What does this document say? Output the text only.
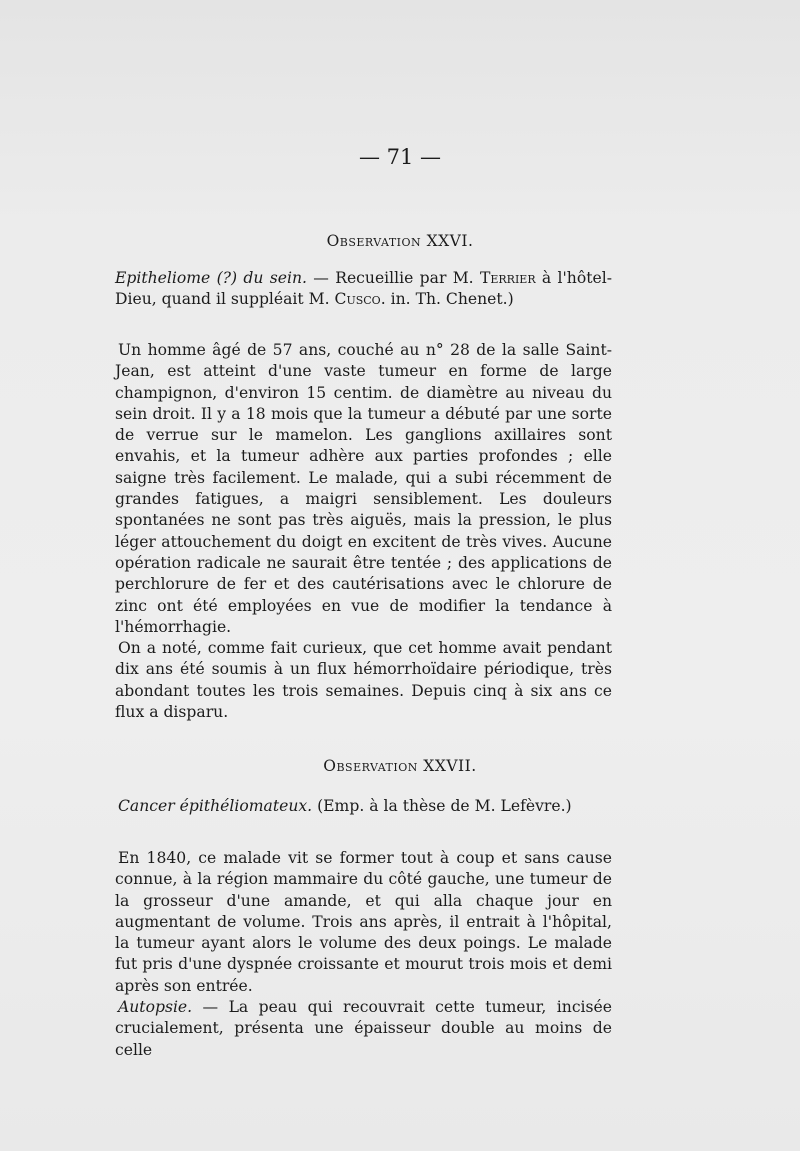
— 71 —
Observation XXVI.

Epitheliome (?) du sein. — Recueillie par M. Terrier à l'hôtel-Dieu, quand il suppléait M. Cusco. in. Th. Chenet.)

Un homme âgé de 57 ans, couché au n° 28 de la salle Saint-Jean, est atteint d'une vaste tumeur en forme de large champignon, d'environ 15 centim. de diamètre au niveau du sein droit. Il y a 18 mois que la tumeur a débuté par une sorte de verrue sur le mamelon. Les ganglions axillaires sont envahis, et la tumeur adhère aux parties profondes ; elle saigne très facilement. Le malade, qui a subi récemment de grandes fatigues, a maigri sensiblement. Les douleurs spontanées ne sont pas très aiguës, mais la pression, le plus léger attouchement du doigt en excitent de très vives. Aucune opération radicale ne saurait être tentée ; des applications de perchlorure de fer et des cautérisations avec le chlorure de zinc ont été employées en vue de modifier la tendance à l'hémorrhagie.

On a noté, comme fait curieux, que cet homme avait pendant dix ans été soumis à un flux hémorrhoïdaire périodique, très abondant toutes les trois semaines. Depuis cinq à six ans ce flux a disparu.

Observation XXVII.

Cancer épithéliomateux. (Emp. à la thèse de M. Lefèvre.)

En 1840, ce malade vit se former tout à coup et sans cause connue, à la région mammaire du côté gauche, une tumeur de la grosseur d'une amande, et qui alla chaque jour en augmentant de volume. Trois ans après, il entrait à l'hôpital, la tumeur ayant alors le volume des deux poings. Le malade fut pris d'une dyspnée croissante et mourut trois mois et demi après son entrée.

Autopsie. — La peau qui recouvrait cette tumeur, incisée crucialement, présenta une épaisseur double au moins de celle
